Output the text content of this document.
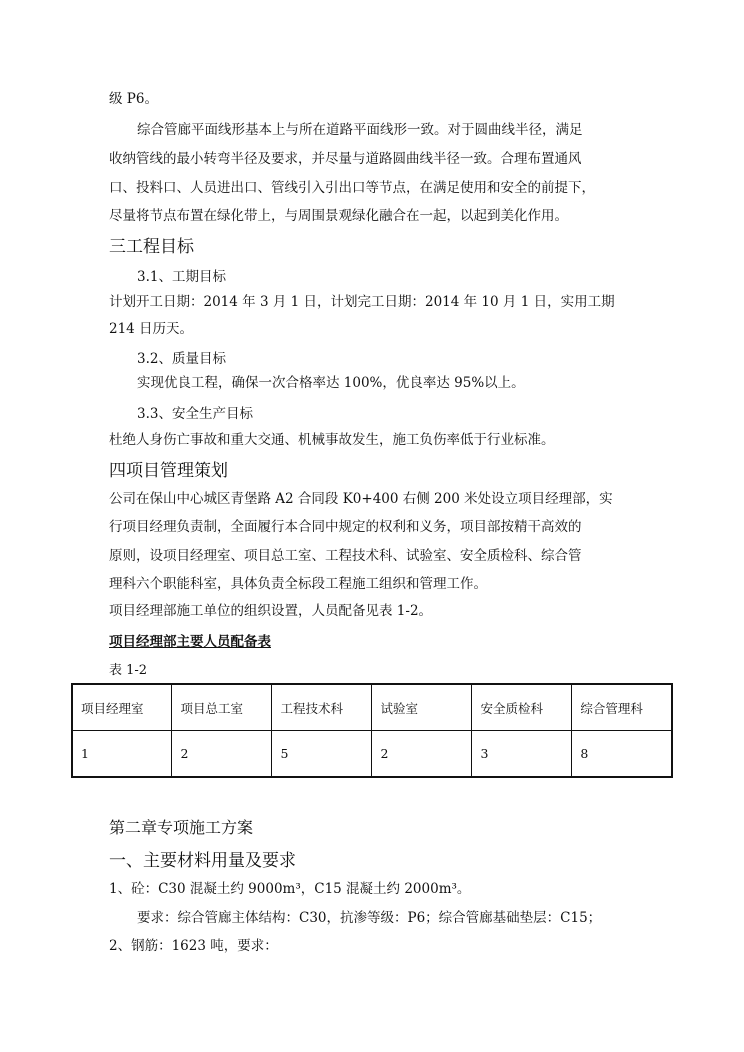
级 P6。
综合管廊平面线形基本上与所在道路平面线形一致。对于圆曲线半径，满足
收纳管线的最小转弯半径及要求，并尽量与道路圆曲线半径一致。合理布置通风
口、投料口、人员进出口、管线引入引出口等节点，在满足使用和安全的前提下，
尽量将节点布置在绿化带上，与周围景观绿化融合在一起，以起到美化作用。
三工程目标
3.1、工期目标
计划开工日期：2014 年 3 月 1 日，计划完工日期：2014 年 10 月 1 日，实用工期
214 日历天。
3.2、质量目标
实现优良工程，确保一次合格率达 100%，优良率达 95%以上。
3.3、安全生产目标
杜绝人身伤亡事故和重大交通、机械事故发生，施工负伤率低于行业标准。
四项目管理策划
公司在保山中心城区青堡路 A2 合同段 K0+400 右侧 200 米处设立项目经理部，实
行项目经理负责制，全面履行本合同中规定的权利和义务，项目部按精干高效的
原则，设项目经理室、项目总工室、工程技术科、试验室、安全质检科、综合管
理科六个职能科室，具体负责全标段工程施工组织和管理工作。
项目经理部施工单位的组织设置，人员配备见表 1-2。
项目经理部主要人员配备表
表 1-2
项目经理室	项目总工室	工程技术科	试验室	安全质检科	综合管理科
1	2	5	2	3	8
第二章专项施工方案
一、主要材料用量及要求
1、砼：C30 混凝土约 9000m³，C15 混凝土约 2000m³。
要求：综合管廊主体结构：C30，抗渗等级：P6；综合管廊基础垫层：C15；
2、钢筋：1623 吨，要求：
